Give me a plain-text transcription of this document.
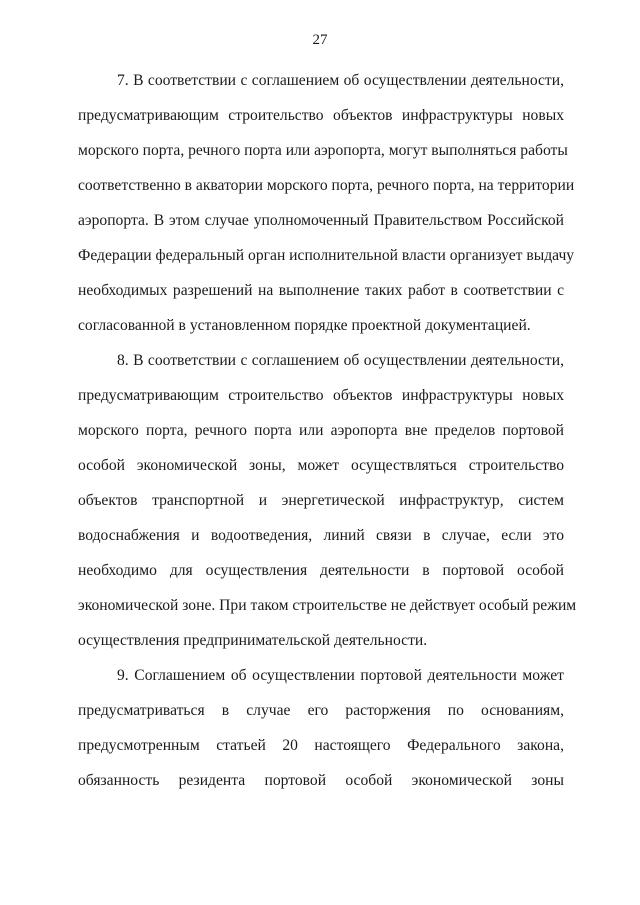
27
7. В соответствии с соглашением об осуществлении деятельности,
предусматривающим строительство объектов инфраструктуры новых
морского порта, речного порта или аэропорта, могут выполняться работы
соответственно в акватории морского порта, речного порта, на территории
аэропорта. В этом случае уполномоченный Правительством Российской
Федерации федеральный орган исполнительной власти организует выдачу
необходимых разрешений на выполнение таких работ в соответствии с
согласованной в установленном порядке проектной документацией.
8. В соответствии с соглашением об осуществлении деятельности,
предусматривающим строительство объектов инфраструктуры новых
морского порта, речного порта или аэропорта вне пределов портовой
особой экономической зоны, может осуществляться строительство
объектов транспортной и энергетической инфраструктур, систем
водоснабжения и водоотведения, линий связи в случае, если это
необходимо для осуществления деятельности в портовой особой
экономической зоне. При таком строительстве не действует особый режим
осуществления предпринимательской деятельности.
9. Соглашением об осуществлении портовой деятельности может
предусматриваться в случае его расторжения по основаниям,
предусмотренным статьей 20 настоящего Федерального закона,
обязанность резидента портовой особой экономической зоны
